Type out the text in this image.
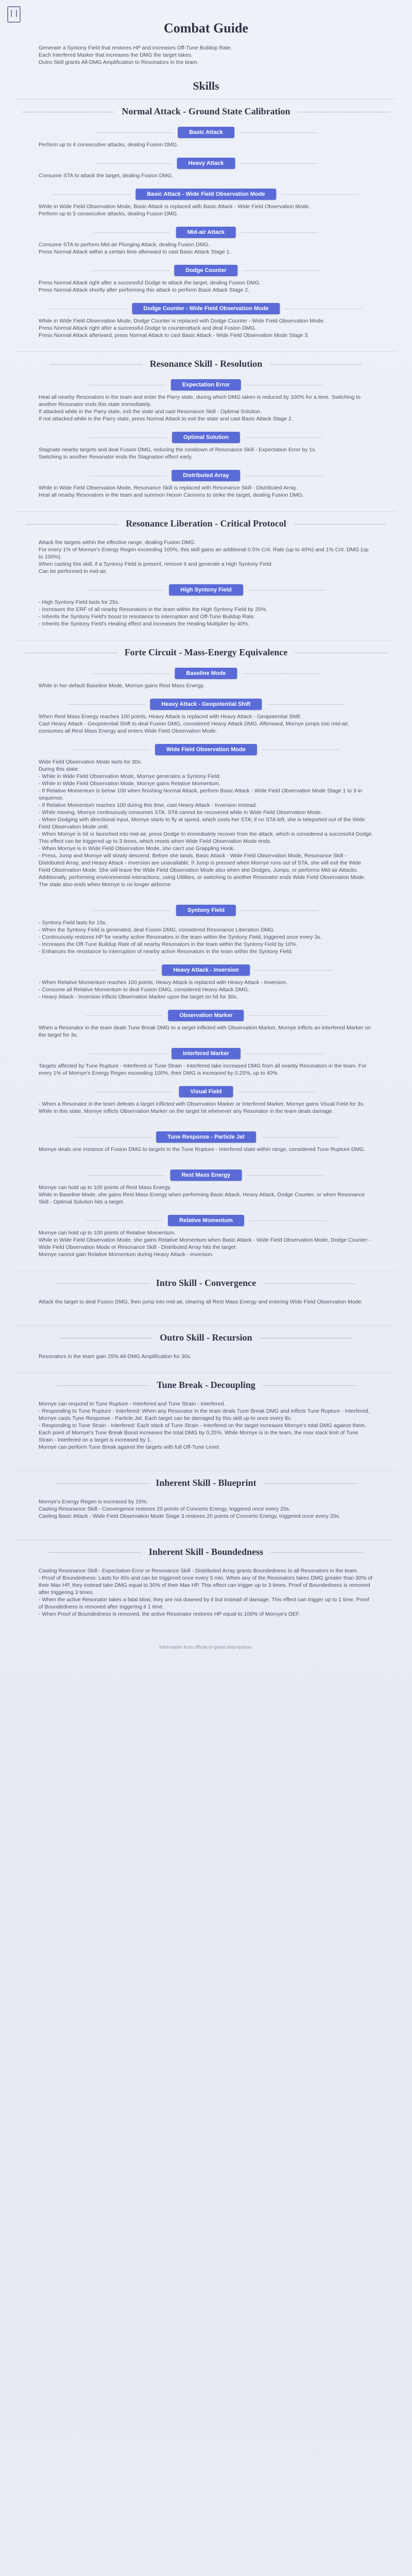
Combat Guide
Generate a Syntony Field that restores HP and increases Off-Tune Buildup Rate.
Each Interfered Marker that increases the DMG the target takes.
Outro Skill grants All-DMG Amplification to Resonators in the team.
Skills
Normal Attack - Ground State Calibration
Basic Attack
Perform up to 4 consecutive attacks, dealing Fusion DMG.
Heavy Attack
Consume STA to attack the target, dealing Fusion DMG.
Basic Attack - Wide Field Observation Mode
While in Wide Field Observation Mode, Basic Attack is replaced with Basic Attack - Wide Field Observation Mode.
Perform up to 5 consecutive attacks, dealing Fusion DMG.
Mid-air Attack
Consume STA to perform Mid-air Plunging Attack, dealing Fusion DMG.
Press Normal Attack within a certain time afterward to cast Basic Attack Stage 1.
Dodge Counter
Press Normal Attack right after a successful Dodge to attack the target, dealing Fusion DMG.
Press Normal Attack shortly after performing this attack to perform Basic Attack Stage 2.
Dodge Counter - Wide Field Observation Mode
While in Wide Field Observation Mode, Dodge Counter is replaced with Dodge Counter - Wide Field Observation Mode.
Press Normal Attack right after a successful Dodge to counterattack and deal Fusion DMG.
Press Normal Attack afterward, press Normal Attack to cast Basic Attack - Wide Field Observation Mode Stage 3.
Resonance Skill - Resolution
Expectation Error
Heal all nearby Resonators in the team and enter the Parry state, during which DMG taken is reduced by 100% for a time. Switching to another Resonator ends this state immediately.
If attacked while in the Parry state, exit the state and cast Resonance Skill - Optimal Solution.
If not attacked while in the Parry state, press Normal Attack to exit the state and cast Basic Attack Stage 2.
Optimal Solution
Stagnate nearby targets and deal Fusion DMG, reducing the cooldown of Resonance Skill - Expectation Error by 1s.
Switching to another Resonator ends the Stagnation effect early.
Distributed Array
While in Wide Field Observation Mode, Resonance Skill is replaced with Resonance Skill - Distributed Array.
Heal all nearby Resonators in the team and summon Hexon Cannons to strike the target, dealing Fusion DMG.
Resonance Liberation - Critical Protocol
Attack the targets within the effective range, dealing Fusion DMG.
For every 1% of Mornye's Energy Regen exceeding 100%, this skill gains an additional 0.5% Crit. Rate (up to 40%) and 1% Crit. DMG (up to 100%).
When casting this skill, if a Syntony Field is present, remove it and generate a High Syntony Field.
Can be performed in mid-air.
High Syntony Field
- High Syntony Field lasts for 25s.
- Increases the ERF of all nearby Resonators in the team within the High Syntony Field by 25%.
- Inherits the Syntony Field's boost to resistance to interruption and Off-Tune Buildup Rate.
- Inherits the Syntony Field's Healing effect and increases the Healing Multiplier by 40%.
Forte Circuit - Mass-Energy Equivalence
Baseline Mode
While in her default Baseline Mode, Mornye gains Rest Mass Energy.
Heavy Attack - Geopotential Shift
When Rest Mass Energy reaches 100 points, Heavy Attack is replaced with Heavy Attack - Geopotential Shift.
Cast Heavy Attack - Geopotential Shift to deal Fusion DMG, considered Heavy Attack DMG. Afterward, Mornye jumps into mid-air, consumes all Rest Mass Energy and enters Wide Field Observation Mode.
Wide Field Observation Mode
Wide Field Observation Mode lasts for 30s.
During this state:
- While in Wide Field Observation Mode, Mornye generates a Syntony Field.
- While in Wide Field Observation Mode, Mornye gains Relative Momentum.
- If Relative Momentum is below 100 when finishing Normal Attack, perform Basic Attack - Wide Field Observation Mode Stage 1 to 3 in sequence.
- If Relative Momentum reaches 100 during this time, cast Heavy Attack - Inversion instead.
- While moving, Mornye continuously consumes STA. STA cannot be recovered while in Wide Field Observation Mode.
- When Dodging with directional input, Mornye starts to fly at speed, which costs her STA; if no STA left, she is teleported out of the Wide Field Observation Mode until.
- When Mornye is hit or launched into mid-air, press Dodge to immediately recover from the attack, which is considered a successful Dodge. This effect can be triggered up to 3 times, which resets when Wide Field Observation Mode ends.
- When Mornye is in Wide Field Observation Mode, she can't use Grappling Hook.
- Press, Jump and Mornye will slowly descend. Before she lands, Basic Attack - Wide Field Observation Mode, Resonance Skill - Distributed Array, and Heavy Attack - Inversion are unavailable. If Jump is pressed when Mornye runs out of STA, she will exit the Wide Field Observation Mode. She will leave the Wide Field Observation Mode also when she Dodges, Jumps, or performs Mid-air Attacks.
Additionally, performing environmental interactions, using Utilities, or switching to another Resonator ends Wide Field Observation Mode. The state also ends when Mornye is no longer airborne.
Syntony Field
- Syntony Field lasts for 15s.
- When the Syntony Field is generated, deal Fusion DMG, considered Resonance Liberation DMG.
- Continuously restores HP for nearby active Resonators in the team within the Syntony Field, triggered once every 3s.
- Increases the Off-Tune Buildup Rate of all nearby Resonators in the team within the Syntony Field by 10%.
- Enhances the resistance to interruption of nearby active Resonators in the team within the Syntony Field.
Heavy Attack - Inversion
- When Relative Momentum reaches 100 points, Heavy Attack is replaced with Heavy Attack - Inversion.
- Consume all Relative Momentum to deal Fusion DMG, considered Heavy Attack DMG.
- Heavy Attack - Inversion inflicts Observation Marker upon the target on hit for 30s.
Observation Marker
When a Resonator in the team deals Tune Break DMG to a target inflicted with Observation Marker, Mornye inflicts an Interfered Marker on the target for 3s.
Interfered Marker
Targets affected by Tune Rupture - Interfered or Tune Strain - Interfered take increased DMG from all nearby Resonators in the team. For every 1% of Mornye's Energy Regen exceeding 100%, their DMG is increased by 0.25%, up to 40%.
Visual Field
- When a Resonator in the team defeats a target inflicted with Observation Marker or Interfered Marker, Mornye gains Visual Field for 3s. While in this state, Mornye inflicts Observation Marker on the target hit whenever any Resonator in the team deals damage.
Tune Response - Particle Jet
Mornye deals one instance of Fusion DMG to targets in the Tune Rupture - Interfered state within range, considered Tune Rupture DMG.
Rest Mass Energy
Mornye can hold up to 100 points of Rest Mass Energy.
While in Baseline Mode, she gains Rest Mass Energy when performing Basic Attack, Heavy Attack, Dodge Counter, or when Resonance Skill - Optimal Solution hits a target.
Relative Momentum
Mornye can hold up to 100 points of Relative Momentum.
While in Wide Field Observation Mode, she gains Relative Momentum when Basic Attack - Wide Field Observation Mode, Dodge Counter - Wide Field Observation Mode or Resonance Skill - Distributed Array hits the target.
Mornye cannot gain Relative Momentum during Heavy Attack - Inversion.
Intro Skill - Convergence
Attack the target to deal Fusion DMG, then jump into mid-air, clearing all Rest Mass Energy and entering Wide Field Observation Mode.
Outro Skill - Recursion
Resonators in the team gain 25% All-DMG Amplification for 30s.
Tune Break - Decoupling
Mornye can respond to Tune Rupture - Interfered and Tune Strain - Interfered.
- Responding to Tune Rupture - Interfered: When any Resonator in the team deals Tune Break DMG and inflicts Tune Rupture - Interfered, Mornye casts Tune Response - Particle Jet. Each target can be damaged by this skill up to once every 8s.
- Responding to Tune Strain - Interfered: Each stack of Tune Strain - Interfered on the target increases Mornye's total DMG against them. Each point of Mornye's Tune Break Boost increases the total DMG by 0.25%. While Mornye is in the team, the max stack limit of Tune Strain - Interfered on a target is increased by 1.
Mornye can perform Tune Break against the targets with full Off-Tune Level.
Inherent Skill - Blueprint
Mornye's Energy Regen is increased by 15%.
Casting Resonance Skill - Convergence restores 20 points of Concerto Energy, triggered once every 20s.
Casting Basic Attack - Wide Field Observation Mode Stage 3 restores 20 points of Concerto Energy, triggered once every 20s.
Inherent Skill - Boundedness
Casting Resonance Skill - Expectation Error or Resonance Skill - Distributed Array grants Boundedness to all Resonators in the team.
- Proof of Boundedness: Lasts for 60s and can be triggered once every 5 min. When any of the Resonators takes DMG greater than 30% of their Max HP, they instead take DMG equal to 30% of their Max HP. This effect can trigger up to 3 times. Proof of Boundedness is removed after triggering 3 times.
- When the active Resonator takes a fatal blow, they are not downed by it but instead of damage. This effect can trigger up to 1 time. Proof of Boundedness is removed after triggering it 1 time.
- When Proof of Boundedness is removed, the active Resonator restores HP equal to 100% of Mornye's DEF.
Information from official in-game descriptions.
